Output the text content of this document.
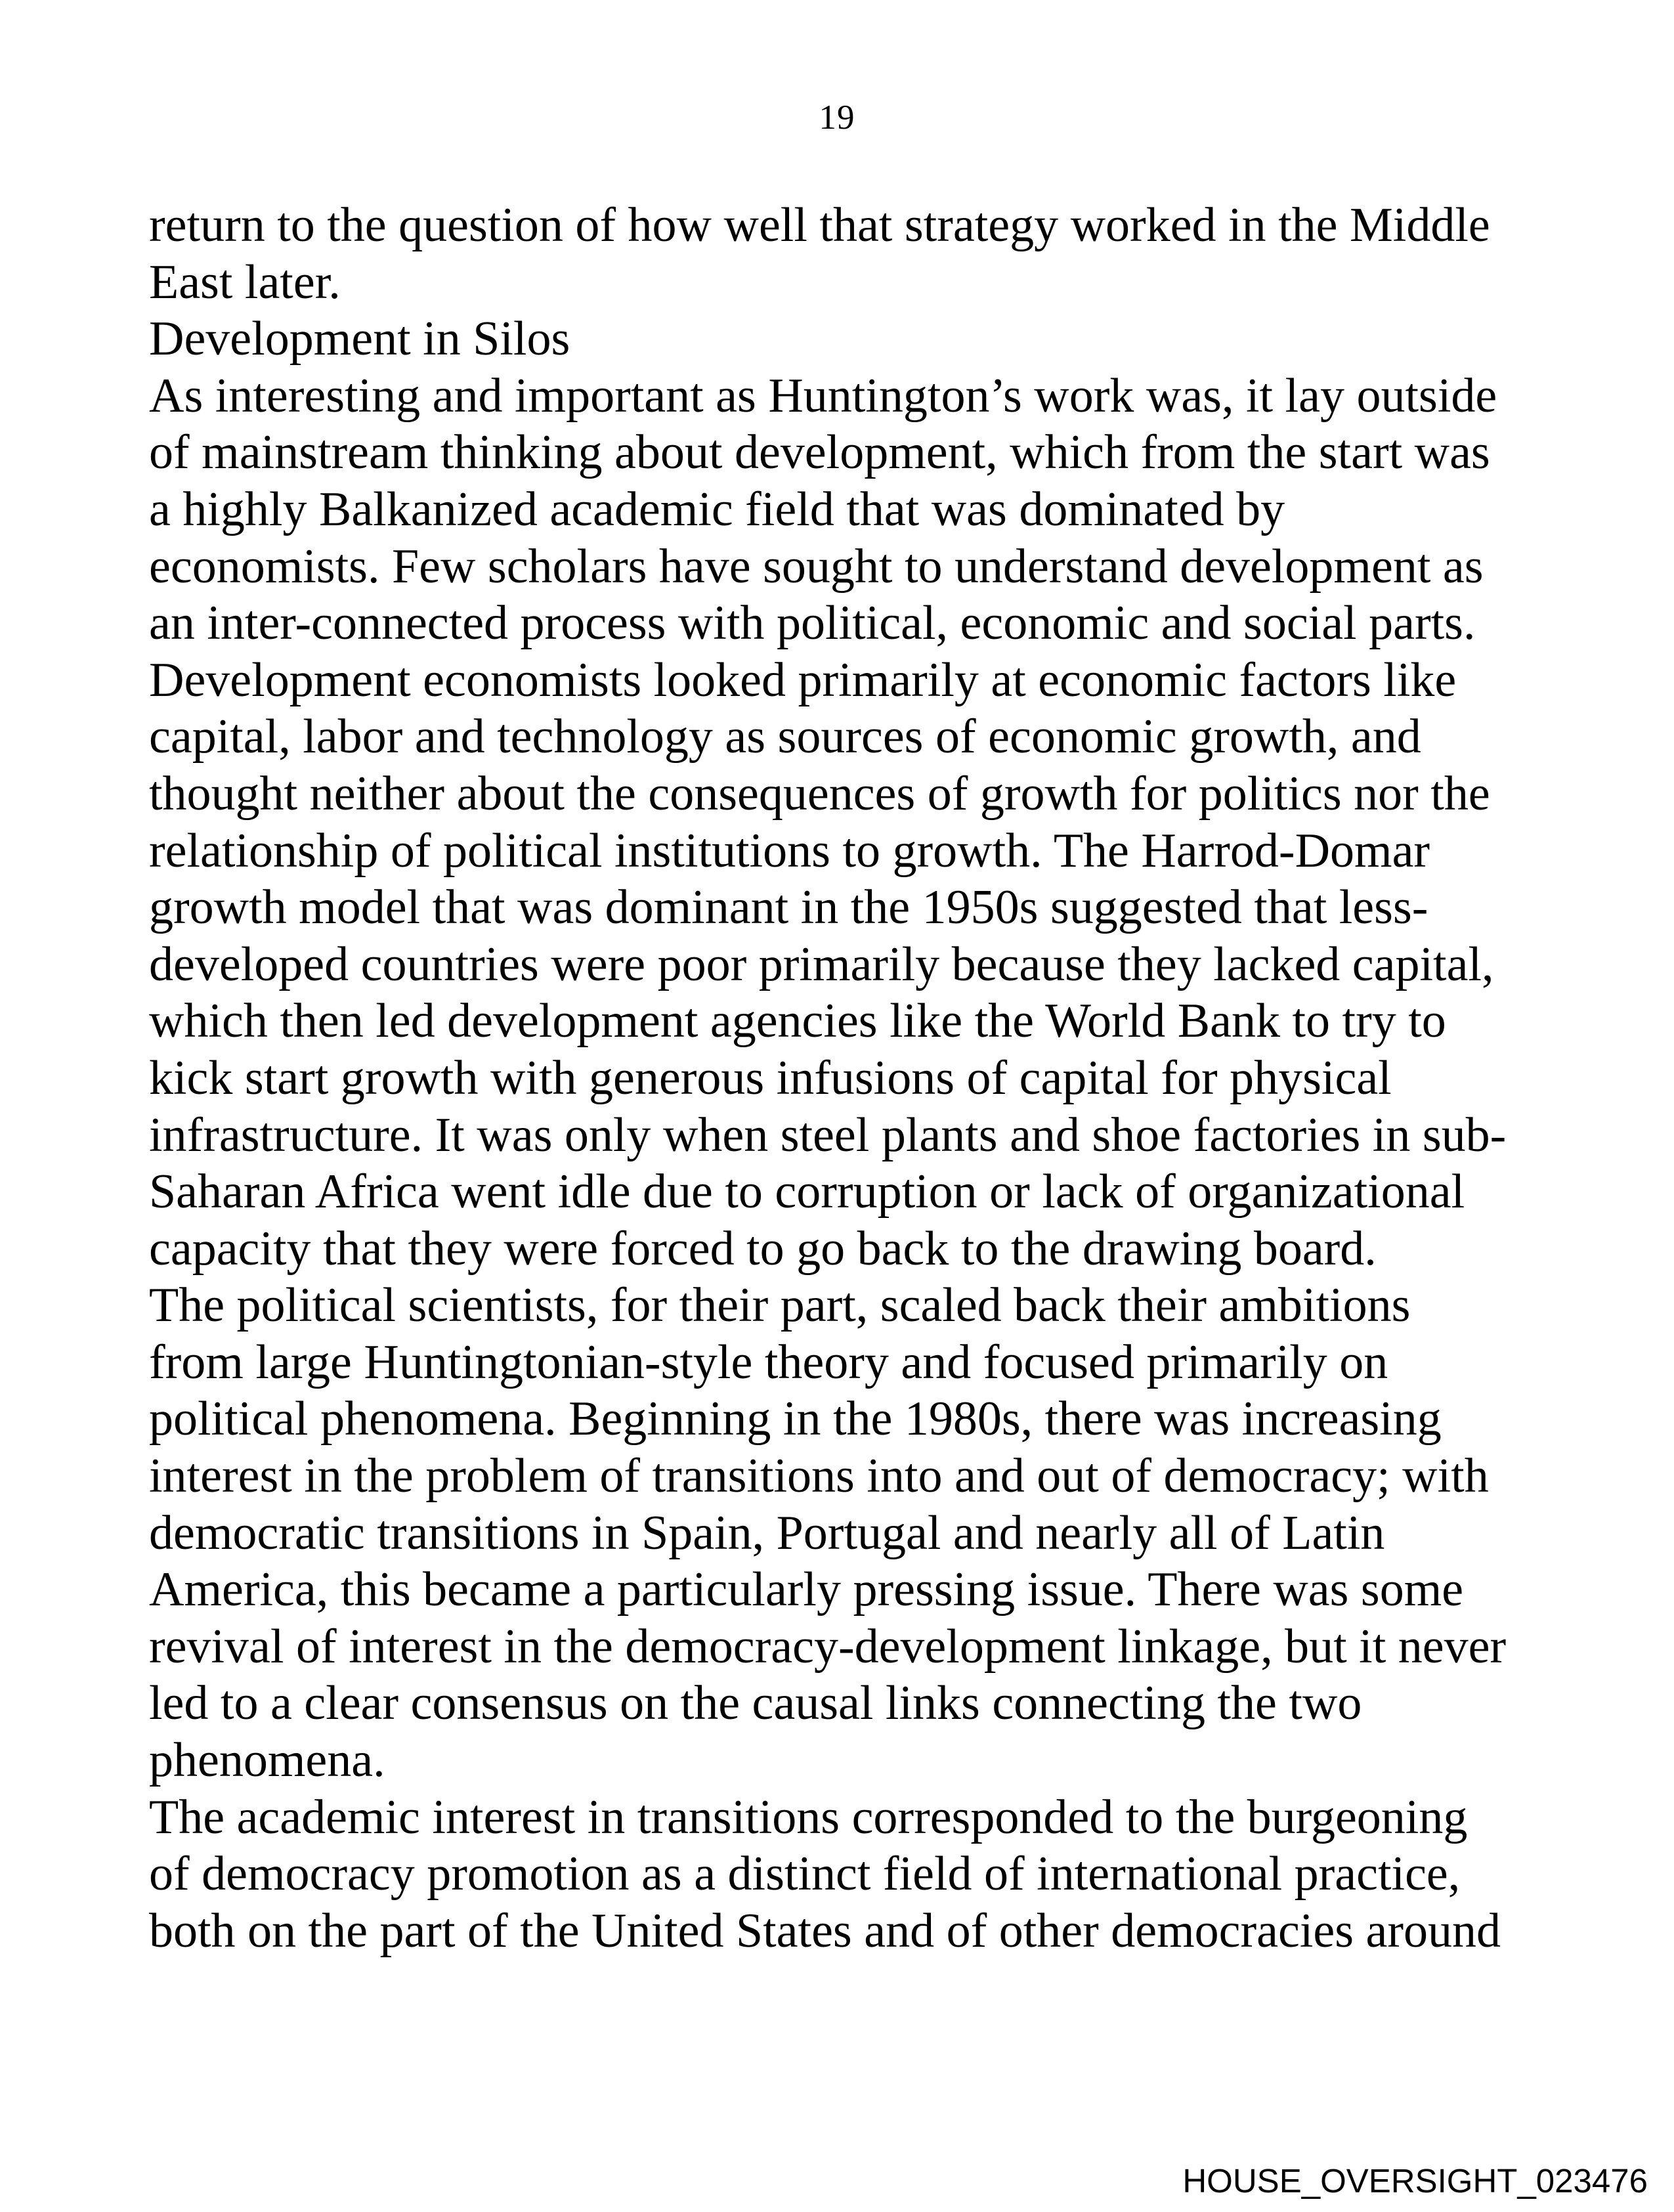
19
return to the question of how well that strategy worked in the Middle
East later.
Development in Silos
As interesting and important as Huntington’s work was, it lay outside
of mainstream thinking about development, which from the start was
a highly Balkanized academic field that was dominated by
economists. Few scholars have sought to understand development as
an inter-connected process with political, economic and social parts.
Development economists looked primarily at economic factors like
capital, labor and technology as sources of economic growth, and
thought neither about the consequences of growth for politics nor the
relationship of political institutions to growth. The Harrod-Domar
growth model that was dominant in the 1950s suggested that less-
developed countries were poor primarily because they lacked capital,
which then led development agencies like the World Bank to try to
kick start growth with generous infusions of capital for physical
infrastructure. It was only when steel plants and shoe factories in sub-
Saharan Africa went idle due to corruption or lack of organizational
capacity that they were forced to go back to the drawing board.
The political scientists, for their part, scaled back their ambitions
from large Huntingtonian-style theory and focused primarily on
political phenomena. Beginning in the 1980s, there was increasing
interest in the problem of transitions into and out of democracy; with
democratic transitions in Spain, Portugal and nearly all of Latin
America, this became a particularly pressing issue. There was some
revival of interest in the democracy-development linkage, but it never
led to a clear consensus on the causal links connecting the two
phenomena.
The academic interest in transitions corresponded to the burgeoning
of democracy promotion as a distinct field of international practice,
both on the part of the United States and of other democracies around
HOUSE_OVERSIGHT_023476
